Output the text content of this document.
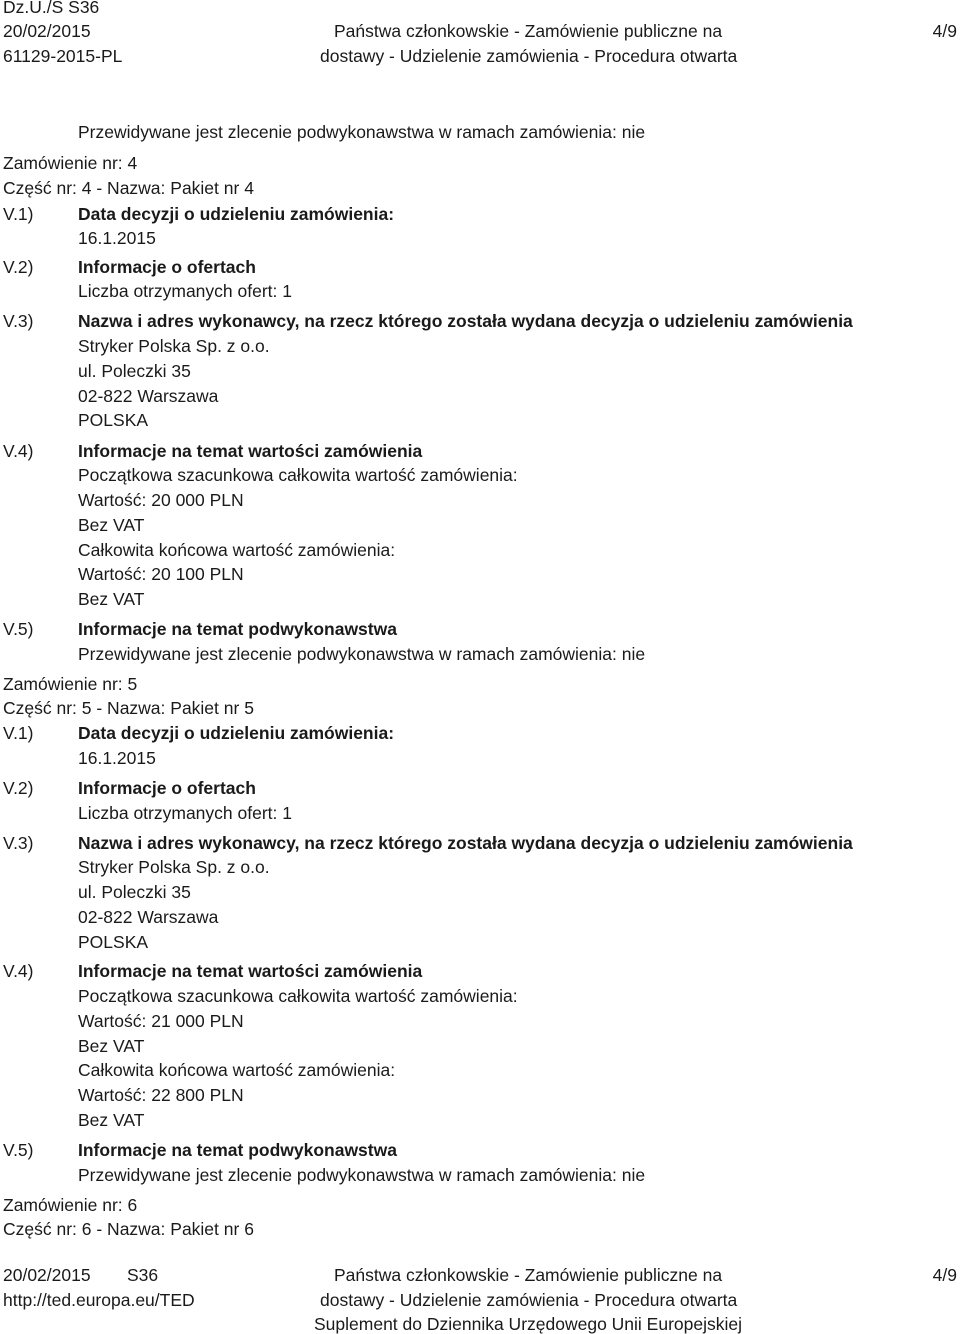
Dz.U./S S36
20/02/2015
61129-2015-PL
Państwa członkowskie - Zamówienie publiczne na
dostawy - Udzielenie zamówienia - Procedura otwarta
4/9
Przewidywane jest zlecenie podwykonawstwa w ramach zamówienia: nie
Zamówienie nr: 4
Część nr: 4 - Nazwa: Pakiet nr 4
V.1)	Data decyzji o udzieleniu zamówienia:
16.1.2015
V.2)	Informacje o ofertach
Liczba otrzymanych ofert: 1
V.3)	Nazwa i adres wykonawcy, na rzecz którego została wydana decyzja o udzieleniu zamówienia
Stryker Polska Sp. z o.o.
ul. Poleczki 35
02-822 Warszawa
POLSKA
V.4)	Informacje na temat wartości zamówienia
Początkowa szacunkowa całkowita wartość zamówienia:
Wartość: 20 000 PLN
Bez VAT
Całkowita końcowa wartość zamówienia:
Wartość: 20 100 PLN
Bez VAT
V.5)	Informacje na temat podwykonawstwa
Przewidywane jest zlecenie podwykonawstwa w ramach zamówienia: nie
Zamówienie nr: 5
Część nr: 5 - Nazwa: Pakiet nr 5
V.1)	Data decyzji o udzieleniu zamówienia:
16.1.2015
V.2)	Informacje o ofertach
Liczba otrzymanych ofert: 1
V.3)	Nazwa i adres wykonawcy, na rzecz którego została wydana decyzja o udzieleniu zamówienia
Stryker Polska Sp. z o.o.
ul. Poleczki 35
02-822 Warszawa
POLSKA
V.4)	Informacje na temat wartości zamówienia
Początkowa szacunkowa całkowita wartość zamówienia:
Wartość: 21 000 PLN
Bez VAT
Całkowita końcowa wartość zamówienia:
Wartość: 22 800 PLN
Bez VAT
V.5)	Informacje na temat podwykonawstwa
Przewidywane jest zlecenie podwykonawstwa w ramach zamówienia: nie
Zamówienie nr: 6
Część nr: 6 - Nazwa: Pakiet nr 6
20/02/2015 S36
http://ted.europa.eu/TED
Państwa członkowskie - Zamówienie publiczne na
dostawy - Udzielenie zamówienia - Procedura otwarta
Suplement do Dziennika Urzędowego Unii Europejskiej
4/9
